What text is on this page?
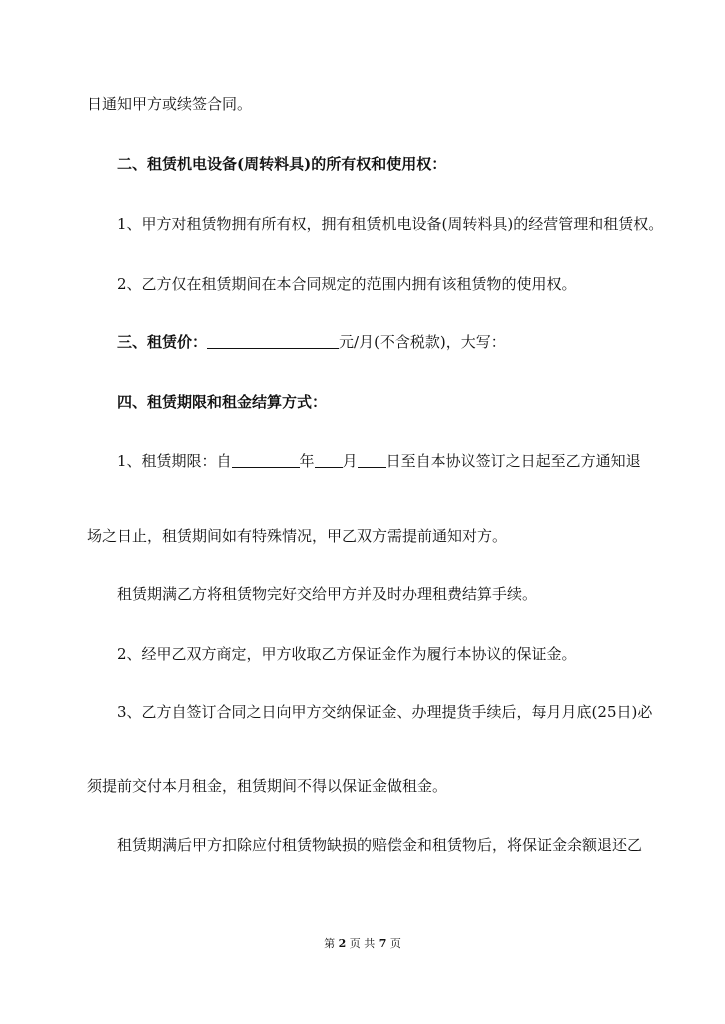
日通知甲方或续签合同。
二、租赁机电设备(周转料具)的所有权和使用权：
1、甲方对租赁物拥有所有权，拥有租赁机电设备(周转料具)的经营管理和租赁权。
2、乙方仅在租赁期间在本合同规定的范围内拥有该租赁物的使用权。
三、租赁价：	元/月(不含税款)，大写：
四、租赁期限和租金结算方式：
1、租赁期限：自	年 月 日至自本协议签订之日起至乙方通知退
场之日止，租赁期间如有特殊情况，甲乙双方需提前通知对方。
租赁期满乙方将租赁物完好交给甲方并及时办理租费结算手续。
2、经甲乙双方商定，甲方收取乙方保证金作为履行本协议的保证金。
3、乙方自签订合同之日向甲方交纳保证金、办理提货手续后，每月月底(25日)必
须提前交付本月租金，租赁期间不得以保证金做租金。
租赁期满后甲方扣除应付租赁物缺损的赔偿金和租赁物后，将保证金余额退还乙
第 2 页 共 7 页
